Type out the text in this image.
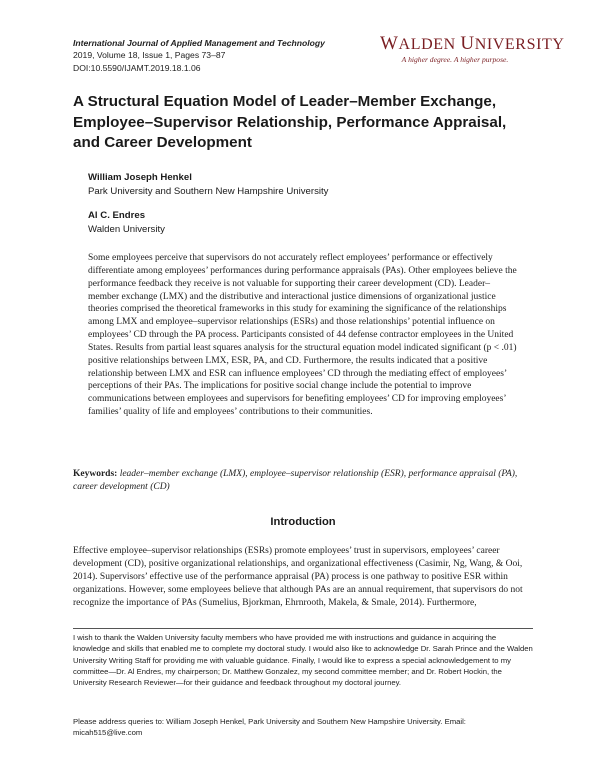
International Journal of Applied Management and Technology
2019, Volume 18, Issue 1, Pages 73–87
DOI:10.5590/IJAMT.2019.18.1.06
WALDEN UNIVERSITY
A higher degree. A higher purpose.
A Structural Equation Model of Leader–Member Exchange, Employee–Supervisor Relationship, Performance Appraisal, and Career Development
William Joseph Henkel
Park University and Southern New Hampshire University
Al C. Endres
Walden University
Some employees perceive that supervisors do not accurately reflect employees’ performance or effectively differentiate among employees’ performances during performance appraisals (PAs). Other employees believe the performance feedback they receive is not valuable for supporting their career development (CD). Leader–member exchange (LMX) and the distributive and interactional justice dimensions of organizational justice theories comprised the theoretical frameworks in this study for examining the significance of the relationships among LMX and employee–supervisor relationships (ESRs) and those relationships’ potential influence on employees’ CD through the PA process. Participants consisted of 44 defense contractor employees in the United States. Results from partial least squares analysis for the structural equation model indicated significant (p < .01) positive relationships between LMX, ESR, PA, and CD. Furthermore, the results indicated that a positive relationship between LMX and ESR can influence employees’ CD through the mediating effect of employees’ perceptions of their PAs. The implications for positive social change include the potential to improve communications between employees and supervisors for benefiting employees’ CD for improving employees’ families’ quality of life and employees’ contributions to their communities.
Keywords: leader–member exchange (LMX), employee–supervisor relationship (ESR), performance appraisal (PA), career development (CD)
Introduction
Effective employee–supervisor relationships (ESRs) promote employees’ trust in supervisors, employees’ career development (CD), positive organizational relationships, and organizational effectiveness (Casimir, Ng, Wang, & Ooi, 2014). Supervisors’ effective use of the performance appraisal (PA) process is one pathway to positive ESR within organizations. However, some employees believe that although PAs are an annual requirement, that supervisors do not recognize the importance of PAs (Sumelius, Bjorkman, Ehrnrooth, Makela, & Smale, 2014). Furthermore,
I wish to thank the Walden University faculty members who have provided me with instructions and guidance in acquiring the knowledge and skills that enabled me to complete my doctoral study. I would also like to acknowledge Dr. Sarah Prince and the Walden University Writing Staff for providing me with valuable guidance. Finally, I would like to express a special acknowledgement to my committee—Dr. Al Endres, my chairperson; Dr. Matthew Gonzalez, my second committee member; and Dr. Robert Hockin, the University Research Reviewer—for their guidance and feedback throughout my doctoral journey.
Please address queries to: William Joseph Henkel, Park University and Southern New Hampshire University. Email: micah515@live.com
